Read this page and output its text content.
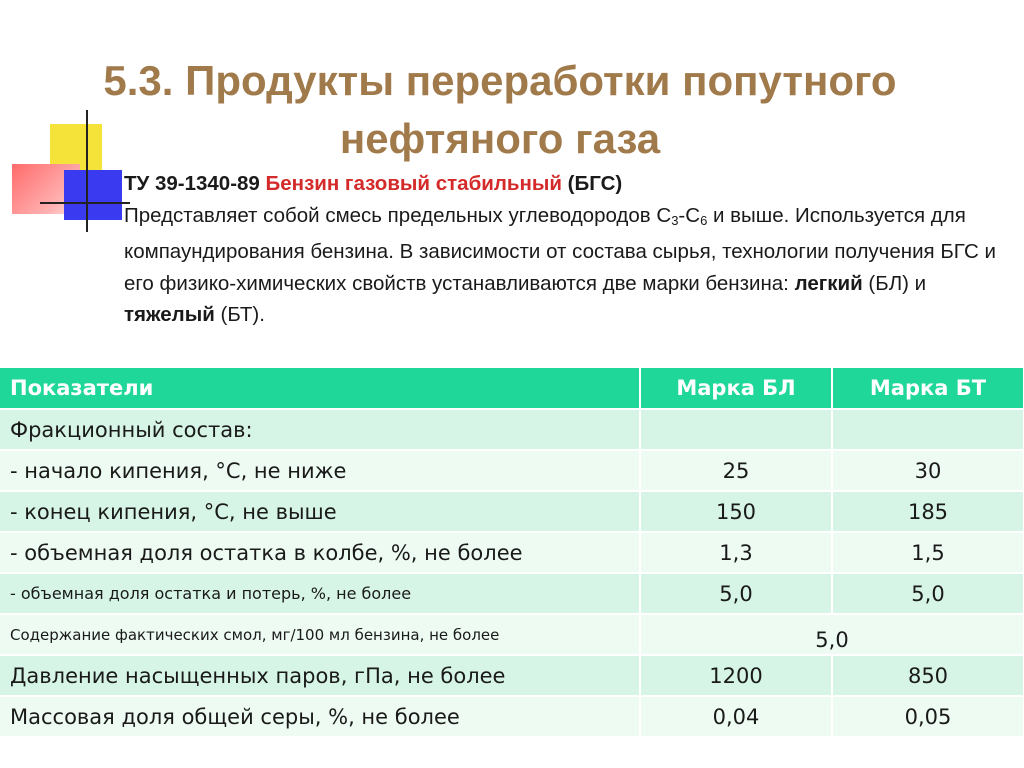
5.3. Продукты переработки попутного
нефтяного газа
ТУ 39-1340-89 Бензин газовый стабильный (БГС)
Представляет собой смесь предельных углеводородов $С_3-С_6$ и выше. Используется для компаундирования бензина. В зависимости от состава сырья, технологии получения БГС и его физико-химических свойств устанавливаются две марки бензина: легкий (БЛ) и тяжелый (БТ).
Показатели	Марка БЛ	Марка БТ
Фракционный состав:		
- начало кипения, °С, не ниже	25	30
- конец кипения, °С, не выше	150	185
- объемная доля остатка в колбе, %, не более	1,3	1,5
- объемная доля остатка и потерь, %, не более	5,0	5,0
Содержание фактических смол, мг/100 мл бензина, не более	5,0	
Давление насыщенных паров, гПа, не более	1200	850
Массовая доля общей серы, %, не более	0,04	0,05
